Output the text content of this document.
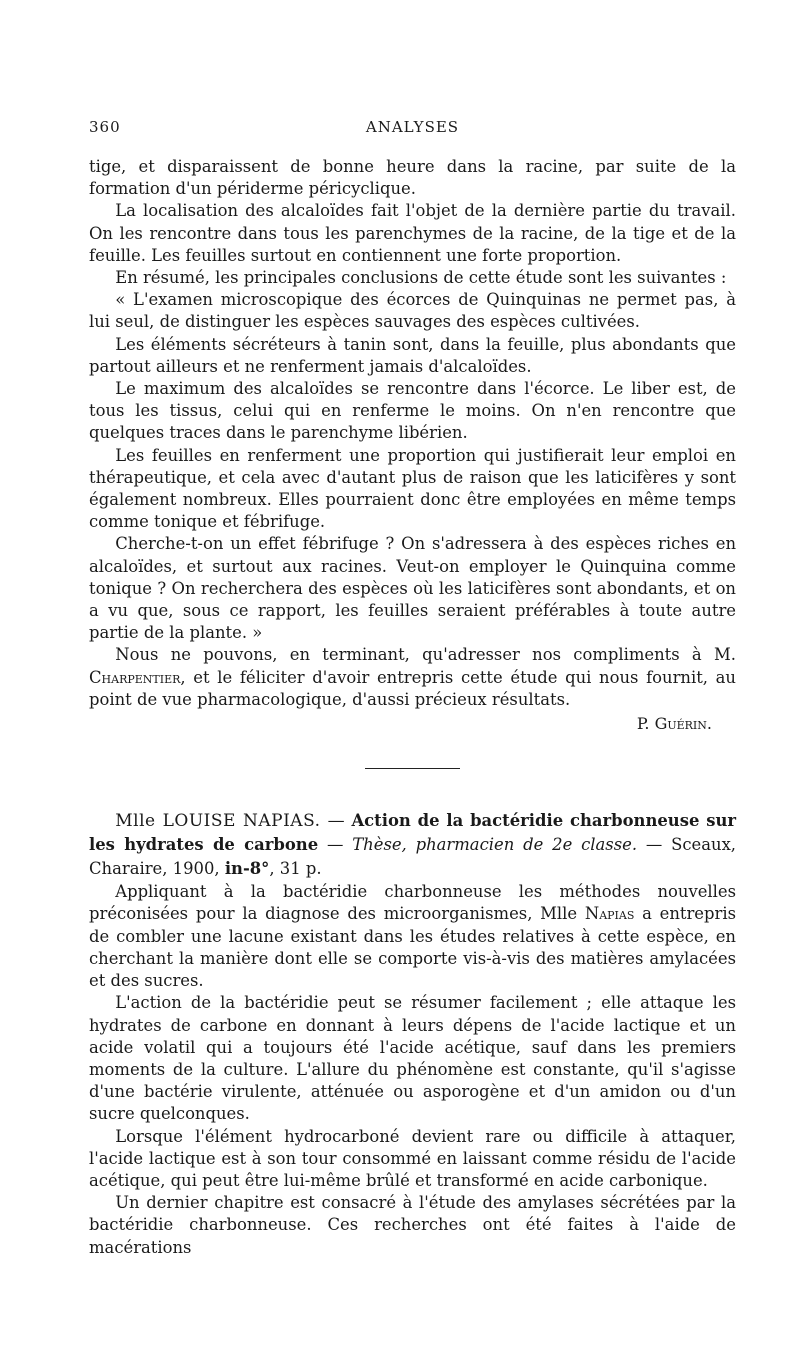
360	ANALYSES

tige, et disparaissent de bonne heure dans la racine, par suite de la formation d'un périderme péricyclique.

La localisation des alcaloïdes fait l'objet de la dernière partie du travail. On les rencontre dans tous les parenchymes de la racine, de la tige et de la feuille. Les feuilles surtout en contiennent une forte proportion.

En résumé, les principales conclusions de cette étude sont les suivantes :

« L'examen microscopique des écorces de Quinquinas ne permet pas, à lui seul, de distinguer les espèces sauvages des espèces cultivées.

Les éléments sécréteurs à tanin sont, dans la feuille, plus abondants que partout ailleurs et ne renferment jamais d'alcaloïdes.

Le maximum des alcaloïdes se rencontre dans l'écorce. Le liber est, de tous les tissus, celui qui en renferme le moins. On n'en rencontre que quelques traces dans le parenchyme libérien.

Les feuilles en renferment une proportion qui justifierait leur emploi en thérapeutique, et cela avec d'autant plus de raison que les laticifères y sont également nombreux. Elles pourraient donc être employées en même temps comme tonique et fébrifuge.

Cherche-t-on un effet fébrifuge ? On s'adressera à des espèces riches en alcaloïdes, et surtout aux racines. Veut-on employer le Quinquina comme tonique ? On recherchera des espèces où les laticifères sont abondants, et on a vu que, sous ce rapport, les feuilles seraient préférables à toute autre partie de la plante. »

Nous ne pouvons, en terminant, qu'adresser nos compliments à M. Charpentier, et le féliciter d'avoir entrepris cette étude qui nous fournit, au point de vue pharmacologique, d'aussi précieux résultats.

P. Guérin.

Mlle LOUISE NAPIAS. — Action de la bactéridie charbonneuse sur les hydrates de carbone — Thèse, pharmacien de 2e classe. — Sceaux, Charaire, 1900, in-8°, 31 p.

Appliquant à la bactéridie charbonneuse les méthodes nouvelles préconisées pour la diagnose des microorganismes, Mlle Napias a entrepris de combler une lacune existant dans les études relatives à cette espèce, en cherchant la manière dont elle se comporte vis-à-vis des matières amylacées et des sucres.

L'action de la bactéridie peut se résumer facilement ; elle attaque les hydrates de carbone en donnant à leurs dépens de l'acide lactique et un acide volatil qui a toujours été l'acide acétique, sauf dans les premiers moments de la culture. L'allure du phénomène est constante, qu'il s'agisse d'une bactérie virulente, atténuée ou asporogène et d'un amidon ou d'un sucre quelconques.

Lorsque l'élément hydrocarboné devient rare ou difficile à attaquer, l'acide lactique est à son tour consommé en laissant comme résidu de l'acide acétique, qui peut être lui-même brûlé et transformé en acide carbonique.

Un dernier chapitre est consacré à l'étude des amylases sécrétées par la bactéridie charbonneuse. Ces recherches ont été faites à l'aide de macérations
